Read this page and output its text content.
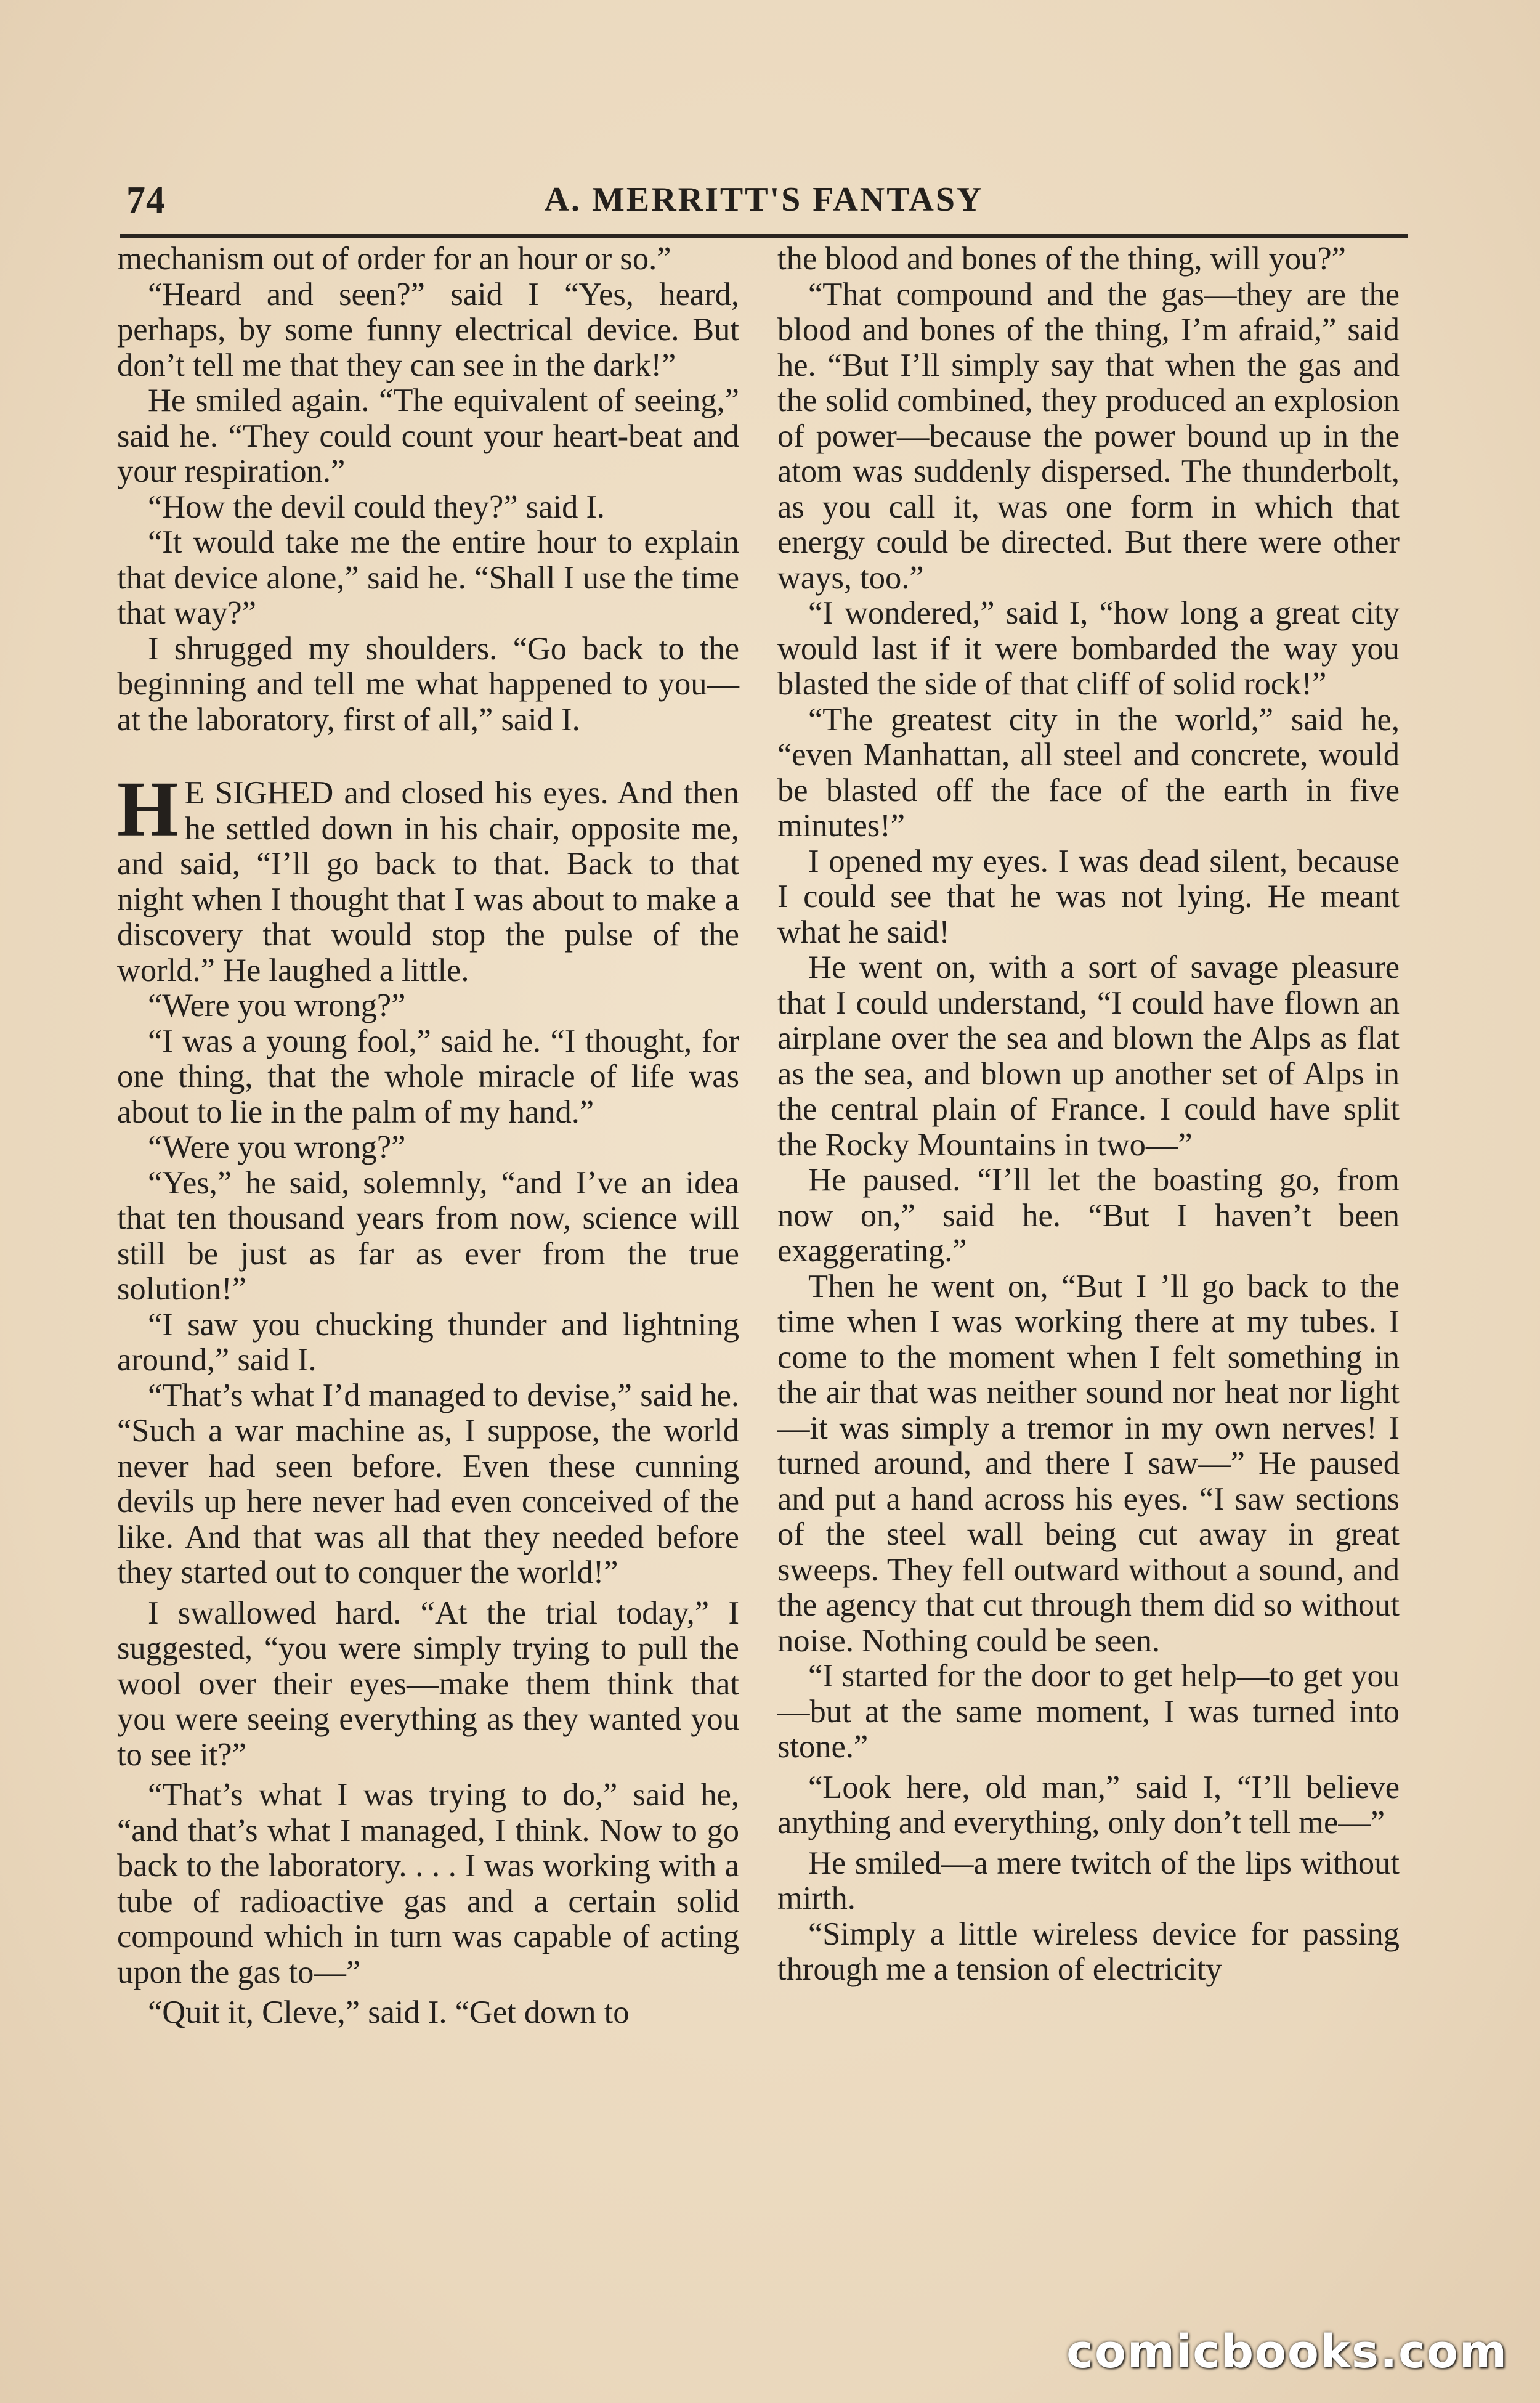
74	A. MERRITT'S FANTASY

mechanism out of order for an hour or so.”

“Heard and seen?” said I “Yes, heard, perhaps, by some funny electrical device. But don’t tell me that they can see in the dark!”

He smiled again. “The equivalent of seeing,” said he. “They could count your heart-beat and your respiration.”

“How the devil could they?” said I.

“It would take me the entire hour to explain that device alone,” said he. “Shall I use the time that way?”

I shrugged my shoulders. “Go back to the beginning and tell me what happened to you—at the laboratory, first of all,” said I.

H E SIGHED and closed his eyes. And then he settled down in his chair, opposite me, and said, “I’ll go back to that. Back to that night when I thought that I was about to make a discovery that would stop the pulse of the world.” He laughed a little.

“Were you wrong?”

“I was a young fool,” said he. “I thought, for one thing, that the whole miracle of life was about to lie in the palm of my hand.”

“Were you wrong?”

“Yes,” he said, solemnly, “and I’ve an idea that ten thousand years from now, science will still be just as far as ever from the true solution!”

“I saw you chucking thunder and lightning around,” said I.

“That’s what I’d managed to devise,” said he. “Such a war machine as, I suppose, the world never had seen before. Even these cunning devils up here never had even conceived of the like. And that was all that they needed before they started out to conquer the world!”

I swallowed hard. “At the trial today,” I suggested, “you were simply trying to pull the wool over their eyes—make them think that you were seeing everything as they wanted you to see it?”

“That’s what I was trying to do,” said he, “and that’s what I managed, I think. Now to go back to the laboratory. . . . I was working with a tube of radioactive gas and a certain solid compound which in turn was capable of acting upon the gas to—”

“Quit it, Cleve,” said I. “Get down to

the blood and bones of the thing, will you?”

“That compound and the gas—they are the blood and bones of the thing, I’m afraid,” said he. “But I’ll simply say that when the gas and the solid combined, they produced an explosion of power—because the power bound up in the atom was suddenly dispersed. The thunderbolt, as you call it, was one form in which that energy could be directed. But there were other ways, too.”

“I wondered,” said I, “how long a great city would last if it were bombarded the way you blasted the side of that cliff of solid rock!”

“The greatest city in the world,” said he, “even Manhattan, all steel and concrete, would be blasted off the face of the earth in five minutes!”

I opened my eyes. I was dead silent, because I could see that he was not lying. He meant what he said!

He went on, with a sort of savage pleasure that I could understand, “I could have flown an airplane over the sea and blown the Alps as flat as the sea, and blown up another set of Alps in the central plain of France. I could have split the Rocky Mountains in two—”

He paused. “I’ll let the boasting go, from now on,” said he. “But I haven’t been exaggerating.”

Then he went on, “But I ’ll go back to the time when I was working there at my tubes. I come to the moment when I felt something in the air that was neither sound nor heat nor light—it was simply a tremor in my own nerves! I turned around, and there I saw—” He paused and put a hand across his eyes. “I saw sections of the steel wall being cut away in great sweeps. They fell outward without a sound, and the agency that cut through them did so without noise. Nothing could be seen.

“I started for the door to get help—to get you—but at the same moment, I was turned into stone.”

“Look here, old man,” said I, “I’ll believe anything and everything, only don’t tell me—”

He smiled—a mere twitch of the lips without mirth.

“Simply a little wireless device for passing through me a tension of electricity

comicbooks.com
